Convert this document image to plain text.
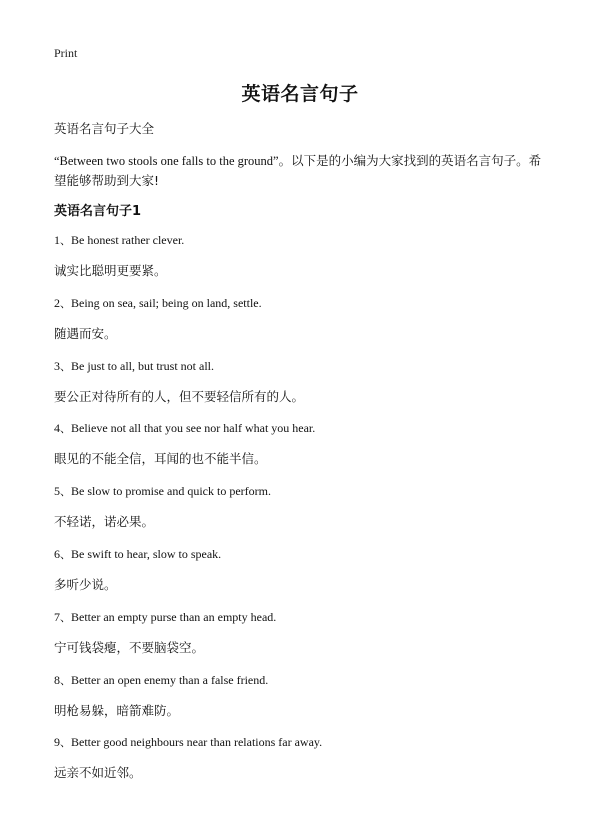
Print
英语名言句子
英语名言句子大全
“Between two stools one falls to the ground”。以下是的小编为大家找到的英语名言句子。希望能够帮助到大家!
英语名言句子1
1、Be honest rather clever.
诚实比聪明更要紧。
2、Being on sea, sail; being on land, settle.
随遇而安。
3、Be just to all, but trust not all.
要公正对待所有的人，但不要轻信所有的人。
4、Believe not all that you see nor half what you hear.
眼见的不能全信，耳闻的也不能半信。
5、Be slow to promise and quick to perform.
不轻诺，诺必果。
6、Be swift to hear, slow to speak.
多听少说。
7、Better an empty purse than an empty head.
宁可钱袋瘪，不要脑袋空。
8、Better an open enemy than a false friend.
明枪易躲，暗箭难防。
9、Better good neighbours near than relations far away.
远亲不如近邻。
